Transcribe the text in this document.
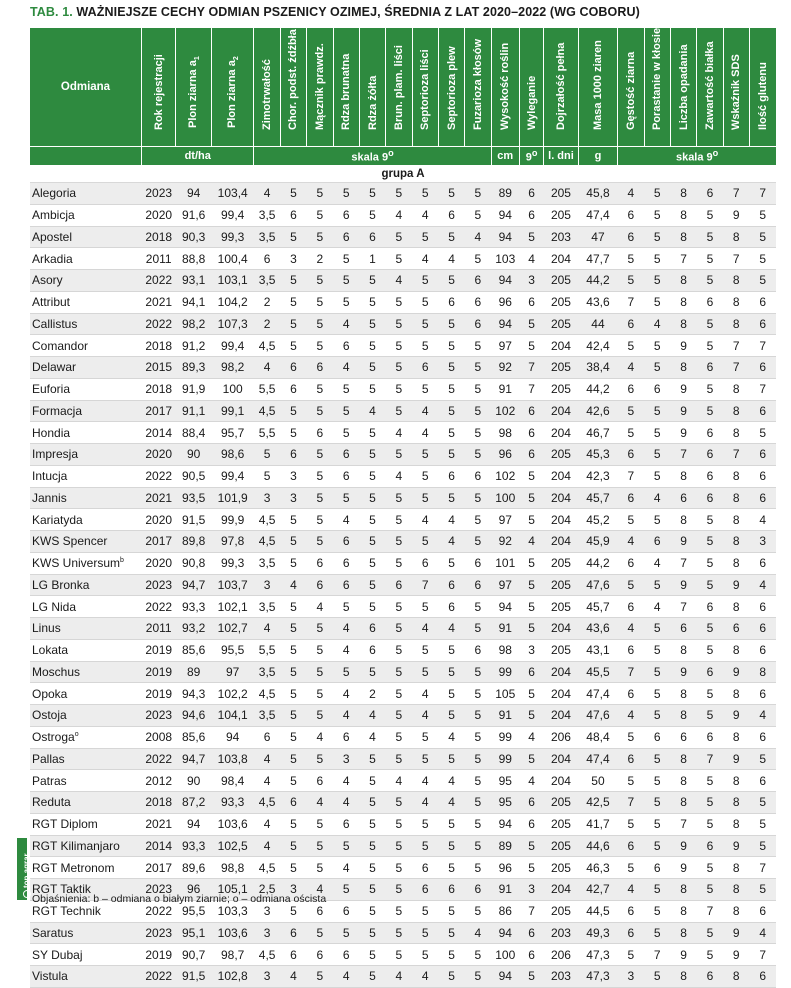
TAB. 1. WAŻNIEJSZE CECHY ODMIAN PSZENICY OZIMEJ, ŚREDNIA Z LAT 2020–2022 (WG COBORU)
Odmiana	Rok rejestracji	Plon ziarna $a_1$	Plon ziarna $a_2$	Zimotrwałość	Chor. podst. źdźbła	Mącznik prawdz.	Rdza brunatna	Rdza żółta	Brun. plam. liści	Septorioza liści	Septorioza plew	Fuzarioza kłosów	Wysokość roślin	Wyleganie	Dojrzałość pełna	Masa 1000 ziaren	Gęstość ziarna	Porastanie w kłosie	Liczba opadania	Zawartość białka	Wskaźnik SDS	Ilość glutenu

	dt/ha			skala 9$^o$									cm	9$^o$	l. dni	g	skala 9$^o$
grupa A																						
Alegoria	2023	94	103,4	4	5	5	5	5	5	5	5	5	89	6	205	45,8	4	5	8	6	7	7
Ambicja	2020	91,6	99,4	3,5	6	5	6	5	4	4	6	5	94	6	205	47,4	6	5	8	5	9	5
Apostel	2018	90,3	99,3	3,5	5	5	6	6	5	5	5	4	94	5	203	47	6	5	8	5	8	5
Arkadia	2011	88,8	100,4	6	3	2	5	1	5	4	4	5	103	4	204	47,7	5	5	7	5	7	5
Asory	2022	93,1	103,1	3,5	5	5	5	5	4	5	5	6	94	3	205	44,2	5	5	8	5	8	5
Attribut	2021	94,1	104,2	2	5	5	5	5	5	5	6	6	96	6	205	43,6	7	5	8	6	8	6
Callistus	2022	98,2	107,3	2	5	5	4	5	5	5	5	6	94	5	205	44	6	4	8	5	8	6
Comandor	2018	91,2	99,4	4,5	5	5	6	5	5	5	5	5	97	5	204	42,4	5	5	9	5	7	7
Delawar	2015	89,3	98,2	4	6	6	4	5	5	6	5	5	92	7	205	38,4	4	5	8	6	7	6
Euforia	2018	91,9	100	5,5	6	5	5	5	5	5	5	5	91	7	205	44,2	6	6	9	5	8	7
Formacja	2017	91,1	99,1	4,5	5	5	5	4	5	4	5	5	102	6	204	42,6	5	5	9	5	8	6
Hondia	2014	88,4	95,7	5,5	5	6	5	5	4	4	5	5	98	6	204	46,7	5	5	9	6	8	5
Impresja	2020	90	98,6	5	6	5	6	5	5	5	5	5	96	6	205	45,3	6	5	7	6	7	6
Intucja	2022	90,5	99,4	5	3	5	6	5	4	5	6	6	102	5	204	42,3	7	5	8	6	8	6
Jannis	2021	93,5	101,9	3	3	5	5	5	5	5	5	5	100	5	204	45,7	6	4	6	6	8	6
Kariatyda	2020	91,5	99,9	4,5	5	5	4	5	5	4	4	5	97	5	204	45,2	5	5	8	5	8	4
KWS Spencer	2017	89,8	97,8	4,5	5	5	6	5	5	5	4	5	92	4	204	45,9	4	6	9	5	8	3
KWS Universum$^b$	2020	90,8	99,3	3,5	5	6	6	5	5	6	5	6	101	5	205	44,2	6	4	7	5	8	6
LG Bronka	2023	94,7	103,7	3	4	6	6	5	6	7	6	6	97	5	205	47,6	5	5	9	5	9	4
LG Nida	2022	93,3	102,1	3,5	5	4	5	5	5	5	6	5	94	5	205	45,7	6	4	7	6	8	6
Linus	2011	93,2	102,7	4	5	5	4	6	5	4	4	5	91	5	204	43,6	4	5	6	5	6	6
Lokata	2019	85,6	95,5	5,5	5	5	4	6	5	5	5	6	98	3	205	43,1	6	5	8	5	8	6
Moschus	2019	89	97	3,5	5	5	5	5	5	5	5	5	99	6	204	45,5	7	5	9	6	9	8
Opoka	2019	94,3	102,2	4,5	5	5	4	2	5	4	5	5	105	5	204	47,4	6	5	8	5	8	6
Ostoja	2023	94,6	104,1	3,5	5	5	4	4	5	4	5	5	91	5	204	47,6	4	5	8	5	9	4
Ostroga$^o$	2008	85,6	94	6	5	4	6	4	5	5	4	5	99	4	206	48,4	5	6	6	6	8	6
Pallas	2022	94,7	103,8	4	5	5	3	5	5	5	5	5	99	5	204	47,4	6	5	8	7	9	5
Patras	2012	90	98,4	4	5	6	4	5	4	4	4	5	95	4	204	50	5	5	8	5	8	6
Reduta	2018	87,2	93,3	4,5	6	4	4	5	5	4	4	5	95	6	205	42,5	7	5	8	5	8	5
RGT Diplom	2021	94	103,6	4	5	5	6	5	5	5	5	5	94	6	205	41,7	5	5	7	5	8	5
RGT Kilimanjaro	2014	93,3	102,5	4	5	5	5	5	5	5	5	5	89	5	205	44,6	6	5	9	6	9	5
RGT Metronom	2017	89,6	98,8	4,5	5	5	4	5	5	6	5	5	96	5	205	46,3	5	6	9	5	8	7
RGT Taktik	2023	96	105,1	2,5	3	4	5	5	5	6	6	6	91	3	204	42,7	4	5	8	5	8	5
RGT Technik	2022	95,5	103,3	3	5	6	6	5	5	5	5	5	86	7	205	44,5	6	5	8	7	8	6
Saratus	2023	95,1	103,6	3	6	5	5	5	5	5	5	4	94	6	203	49,3	6	5	8	5	9	4
SY Dubaj	2019	90,7	98,7	4,5	6	6	6	5	5	5	5	5	100	6	206	47,3	5	7	9	5	9	7
Vistula	2022	91,5	102,8	3	4	5	4	5	4	4	5	5	94	5	203	47,3	3	5	8	6	8	6
Objaśnienia: b – odmiana o białym ziarnie; o – odmiana oścista
top agrar
